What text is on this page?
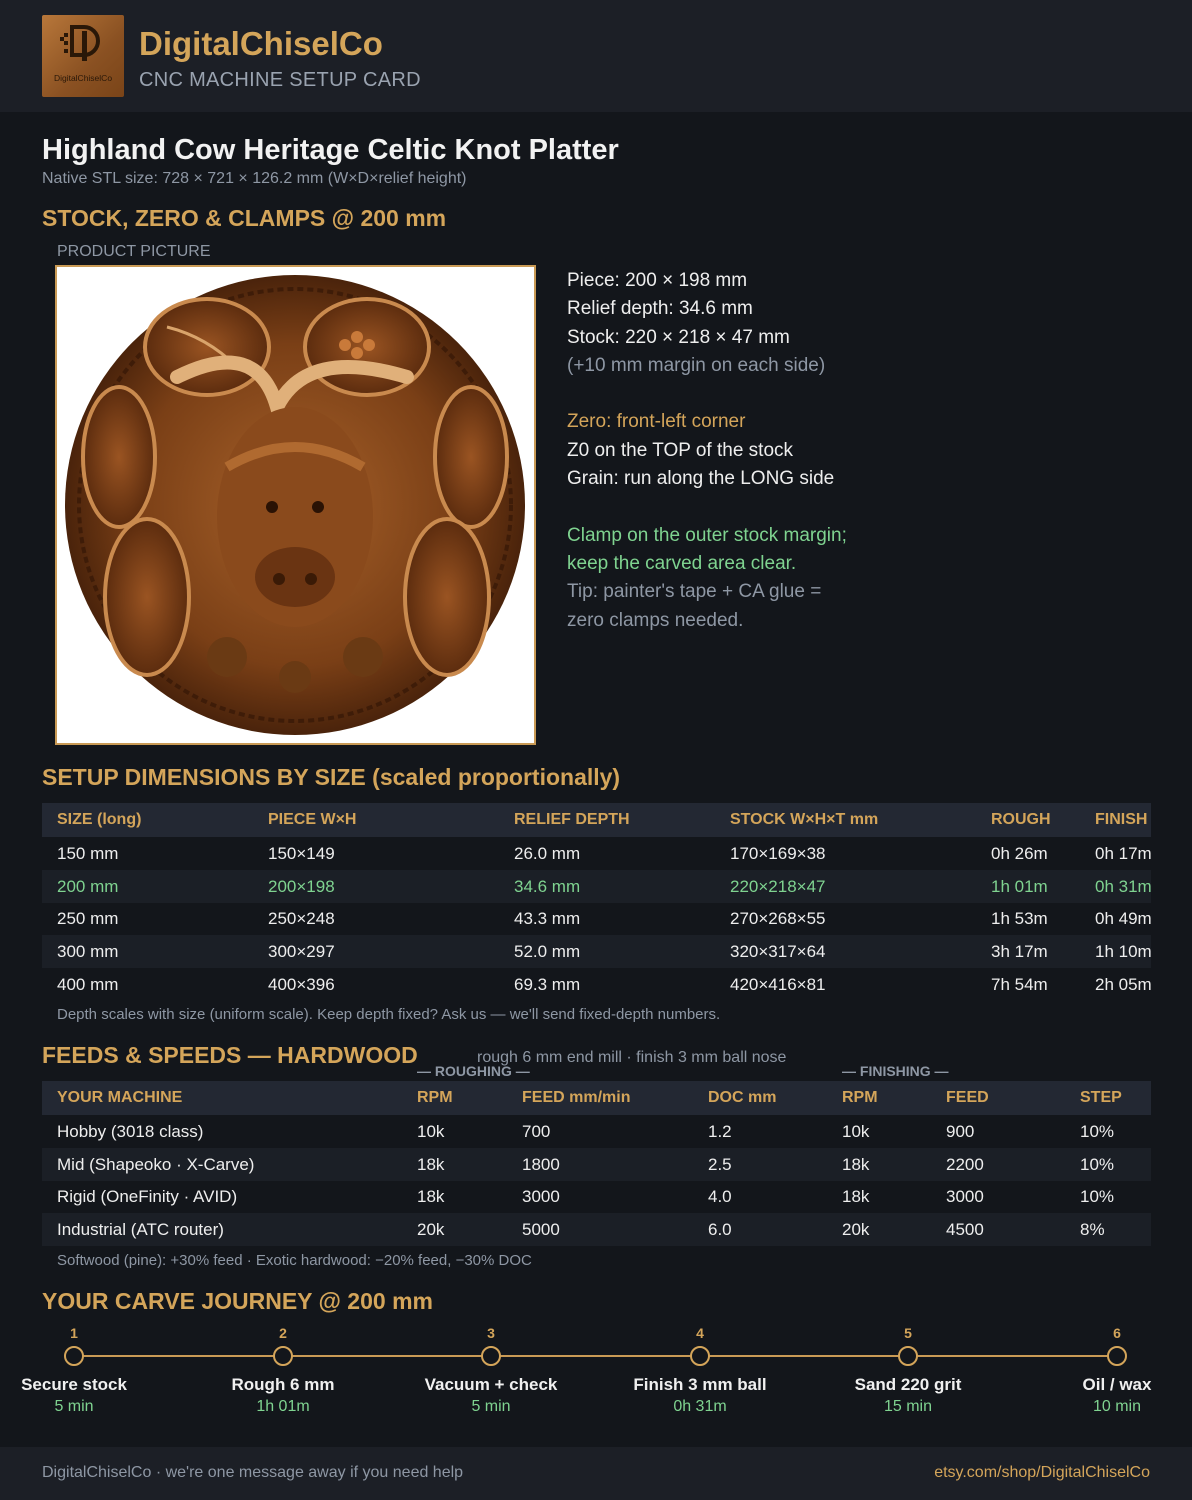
DigitalChiselCo
DigitalChiselCo
CNC MACHINE SETUP CARD
Highland Cow Heritage Celtic Knot Platter
Native STL size: 728 × 721 × 126.2 mm (W×D×relief height)
STOCK, ZERO & CLAMPS @ 200 mm
PRODUCT PICTURE
Piece: 200 × 198 mm
Relief depth: 34.6 mm
Stock: 220 × 218 × 47 mm
(+10 mm margin on each side)
Zero: front-left corner
Z0 on the TOP of the stock
Grain: run along the LONG side
Clamp on the outer stock margin;
keep the carved area clear.
Tip: painter's tape + CA glue =
zero clamps needed.
SETUP DIMENSIONS BY SIZE (scaled proportionally)
SIZE (long)	PIECE W×H	RELIEF DEPTH	STOCK W×H×T mm	ROUGH	FINISH
150 mm	150×149	26.0 mm	170×169×38	0h 26m	0h 17m
200 mm	200×198	34.6 mm	220×218×47	1h 01m	0h 31m
250 mm	250×248	43.3 mm	270×268×55	1h 53m	0h 49m
300 mm	300×297	52.0 mm	320×317×64	3h 17m	1h 10m
400 mm	400×396	69.3 mm	420×416×81	7h 54m	2h 05m
Depth scales with size (uniform scale). Keep depth fixed? Ask us — we'll send fixed-depth numbers.
FEEDS & SPEEDS — HARDWOOD	rough 6 mm end mill · finish 3 mm ball nose
— ROUGHING —	— FINISHING —
YOUR MACHINE	RPM	FEED mm/min	DOC mm	RPM	FEED	STEP
Hobby (3018 class)	10k	700	1.2	10k	900	10%
Mid (Shapeoko · X-Carve)	18k	1800	2.5	18k	2200	10%
Rigid (OneFinity · AVID)	18k	3000	4.0	18k	3000	10%
Industrial (ATC router)	20k	5000	6.0	20k	4500	8%
Softwood (pine): +30% feed · Exotic hardwood: −20% feed, −30% DOC
YOUR CARVE JOURNEY @ 200 mm
1
Secure stock
5 min
2
Rough 6 mm
1h 01m
3
Vacuum + check
5 min
4
Finish 3 mm ball
0h 31m
5
Sand 220 grit
15 min
6
Oil / wax
10 min
DigitalChiselCo · we're one message away if you need help	etsy.com/shop/DigitalChiselCo
